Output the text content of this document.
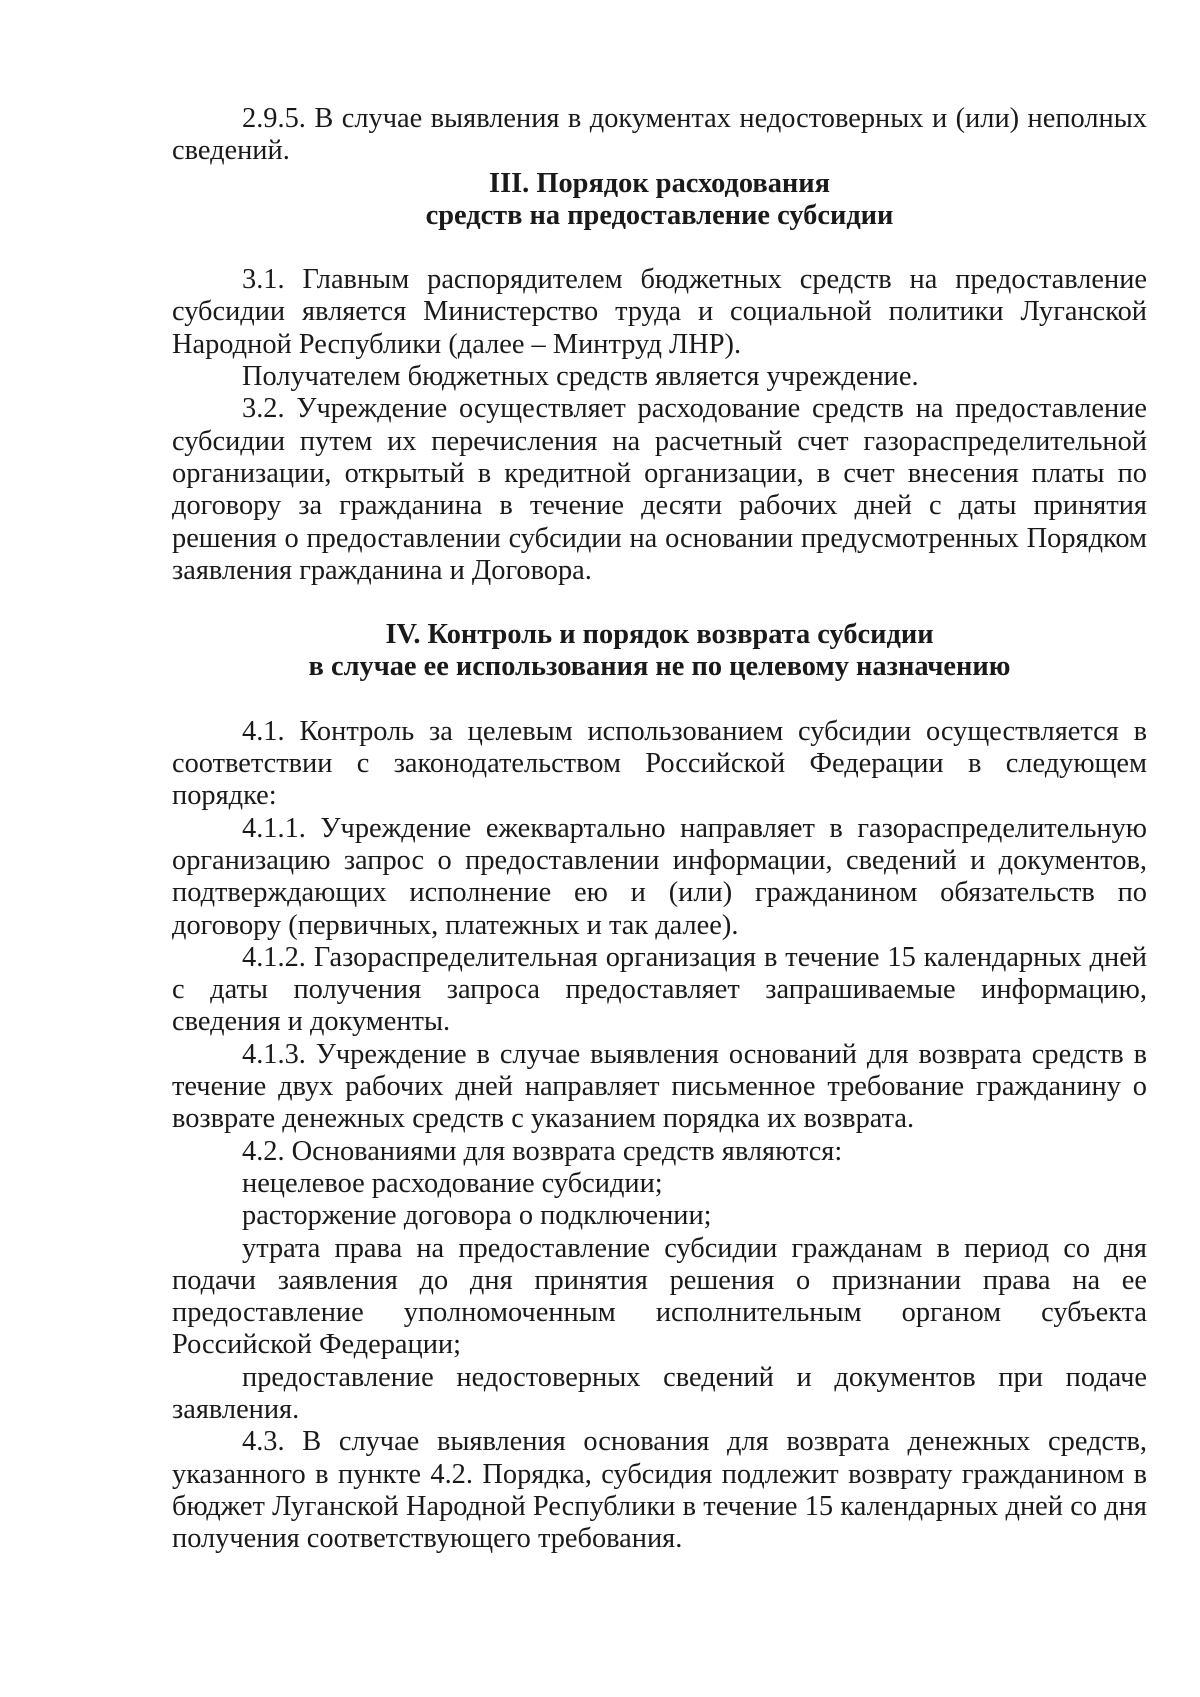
2.9.5. В случае выявления в документах недостоверных и (или) неполных сведений.

III. Порядок расходования

средств на предоставление субсидии

3.1. Главным распорядителем бюджетных средств на предоставление субсидии является Министерство труда и социальной политики Луганской Народной Республики (далее – Минтруд ЛНР).

Получателем бюджетных средств является учреждение.

3.2. Учреждение осуществляет расходование средств на предоставление субсидии путем их перечисления на расчетный счет газораспределительной организации, открытый в кредитной организации, в счет внесения платы по договору за гражданина в течение десяти рабочих дней с даты принятия решения о предоставлении субсидии на основании предусмотренных Порядком заявления гражданина и Договора.

IV. Контроль и порядок возврата субсидии

в случае ее использования не по целевому назначению

4.1. Контроль за целевым использованием субсидии осуществляется в соответствии с законодательством Российской Федерации в следующем порядке:

4.1.1. Учреждение ежеквартально направляет в газораспределительную организацию запрос о предоставлении информации, сведений и документов, подтверждающих исполнение ею и (или) гражданином обязательств по договору (первичных, платежных и так далее).

4.1.2. Газораспределительная организация в течение 15 календарных дней с даты получения запроса предоставляет запрашиваемые информацию, сведения и документы.

4.1.3. Учреждение в случае выявления оснований для возврата средств в течение двух рабочих дней направляет письменное требование гражданину о возврате денежных средств с указанием порядка их возврата.

4.2. Основаниями для возврата средств являются:

нецелевое расходование субсидии;

расторжение договора о подключении;

утрата права на предоставление субсидии гражданам в период со дня подачи заявления до дня принятия решения о признании права на ее предоставление уполномоченным исполнительным органом субъекта Российской Федерации;

предоставление недостоверных сведений и документов при подаче заявления.

4.3. В случае выявления основания для возврата денежных средств, указанного в пункте 4.2. Порядка, субсидия подлежит возврату гражданином в бюджет Луганской Народной Республики в течение 15 календарных дней со дня получения соответствующего требования.
